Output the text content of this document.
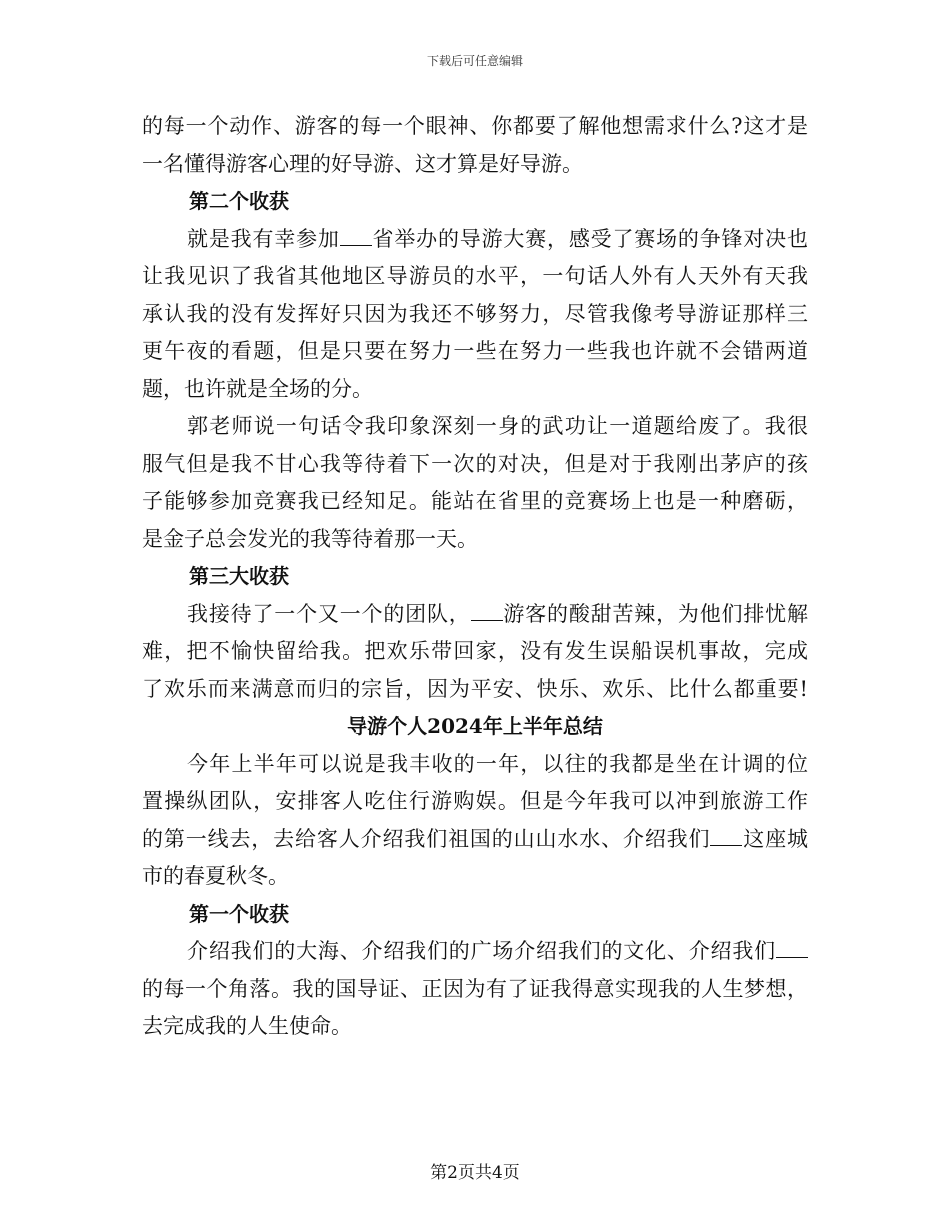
下载后可任意编辑
的每一个动作、游客的每一个眼神、你都要了解他想需求什么?这才是
一名懂得游客心理的好导游、这才算是好导游。
第二个收获
就是我有幸参加 省举办的导游大赛，感受了赛场的争锋对决也
让我见识了我省其他地区导游员的水平，一句话人外有人天外有天我
承认我的没有发挥好只因为我还不够努力，尽管我像考导游证那样三
更午夜的看题，但是只要在努力一些在努力一些我也许就不会错两道
题，也许就是全场的分。
郭老师说一句话令我印象深刻一身的武功让一道题给废了。我很
服气但是我不甘心我等待着下一次的对决，但是对于我刚出茅庐的孩
子能够参加竞赛我已经知足。能站在省里的竞赛场上也是一种磨砺，
是金子总会发光的我等待着那一天。
第三大收获
我接待了一个又一个的团队， 游客的酸甜苦辣，为他们排忧解
难，把不愉快留给我。把欢乐带回家，没有发生误船误机事故，完成
了欢乐而来满意而归的宗旨，因为平安、快乐、欢乐、比什么都重要!
导游个人2024年上半年总结
今年上半年可以说是我丰收的一年，以往的我都是坐在计调的位
置操纵团队，安排客人吃住行游购娱。但是今年我可以冲到旅游工作
的第一线去，去给客人介绍我们祖国的山山水水、介绍我们 这座城
市的春夏秋冬。
第一个收获
介绍我们的大海、介绍我们的广场介绍我们的文化、介绍我们
的每一个角落。我的国导证、正因为有了证我得意实现我的人生梦想，
去完成我的人生使命。
第2页共4页
